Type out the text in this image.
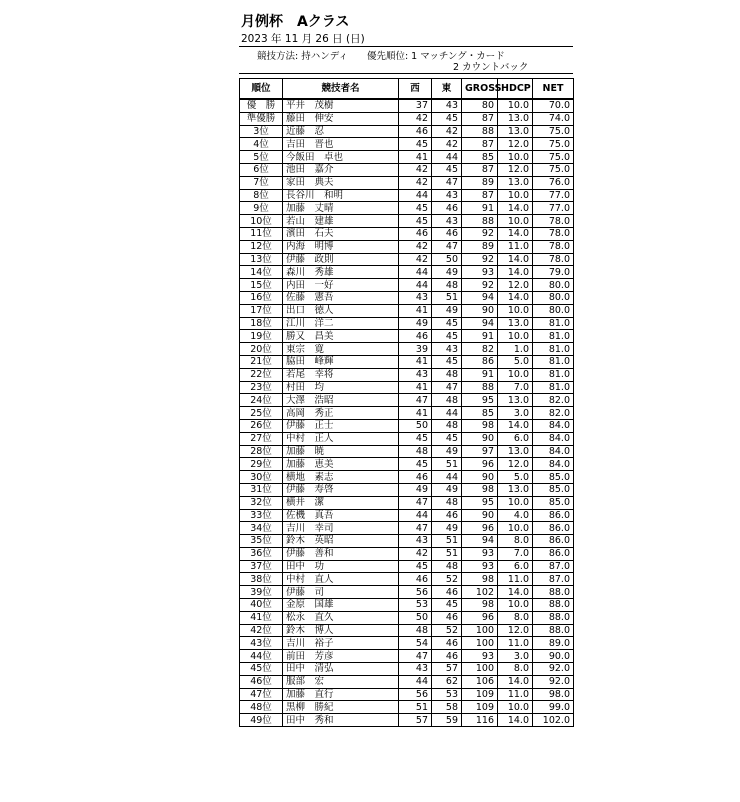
月例杯　Aクラス
2023 年 11 月 26 日 (日)
競技方法: 持ハンディ　　優先順位: 1 マッチング・カード
2 カウントバック
順位	競技者名	西	東	GROSS	HDCP	NET
優　勝	平井　茂樹	37	43	80	10.0	70.0
準優勝	藤田　伸安	42	45	87	13.0	74.0
3位	近藤　忍	46	42	88	13.0	75.0
4位	吉田　晋也	45	42	87	12.0	75.0
5位	今飯田　卓也	41	44	85	10.0	75.0
6位	池田　嘉介	42	45	87	12.0	75.0
7位	家田　典夫	42	47	89	13.0	76.0
8位	長谷川　和明	44	43	87	10.0	77.0
9位	加藤　丈晴	45	46	91	14.0	77.0
10位	若山　建雄	45	43	88	10.0	78.0
11位	濱田　石夫	46	46	92	14.0	78.0
12位	内海　明博	42	47	89	11.0	78.0
13位	伊藤　政則	42	50	92	14.0	78.0
14位	森川　秀雄	44	49	93	14.0	79.0
15位	内田　一好	44	48	92	12.0	80.0
16位	佐藤　憲吾	43	51	94	14.0	80.0
17位	出口　徳人	41	49	90	10.0	80.0
18位	江川　洋二	49	45	94	13.0	81.0
19位	勝又　昌美	46	45	91	10.0	81.0
20位	東宗　寛	39	43	82	1.0	81.0
21位	脇田　峰輝	41	45	86	5.0	81.0
22位	若尾　幸将	43	48	91	10.0	81.0
23位	村田　均	41	47	88	7.0	81.0
24位	大澤　浩昭	47	48	95	13.0	82.0
25位	高岡　秀正	41	44	85	3.0	82.0
26位	伊藤　正士	50	48	98	14.0	84.0
27位	中村　正人	45	45	90	6.0	84.0
28位	加藤　暁	48	49	97	13.0	84.0
29位	加藤　恵美	45	51	96	12.0	84.0
30位	横地　素志	46	44	90	5.0	85.0
31位	伊藤　寿啓	49	49	98	13.0	85.0
32位	横井　潔	47	48	95	10.0	85.0
33位	佐機　真吾	44	46	90	4.0	86.0
34位	吉川　幸司	47	49	96	10.0	86.0
35位	鈴木　英昭	43	51	94	8.0	86.0
36位	伊藤　善和	42	51	93	7.0	86.0
37位	田中　功	45	48	93	6.0	87.0
38位	中村　直人	46	52	98	11.0	87.0
39位	伊藤　司	56	46	102	14.0	88.0
40位	金原　国雄	53	45	98	10.0	88.0
41位	松永　直久	50	46	96	8.0	88.0
42位	鈴木　博人	48	52	100	12.0	88.0
43位	吉川　裕子	54	46	100	11.0	89.0
44位	前田　芳彦	47	46	93	3.0	90.0
45位	田中　清弘	43	57	100	8.0	92.0
46位	服部　宏	44	62	106	14.0	92.0
47位	加藤　直行	56	53	109	11.0	98.0
48位	黒柳　勝紀	51	58	109	10.0	99.0
49位	田中　秀和	57	59	116	14.0	102.0
